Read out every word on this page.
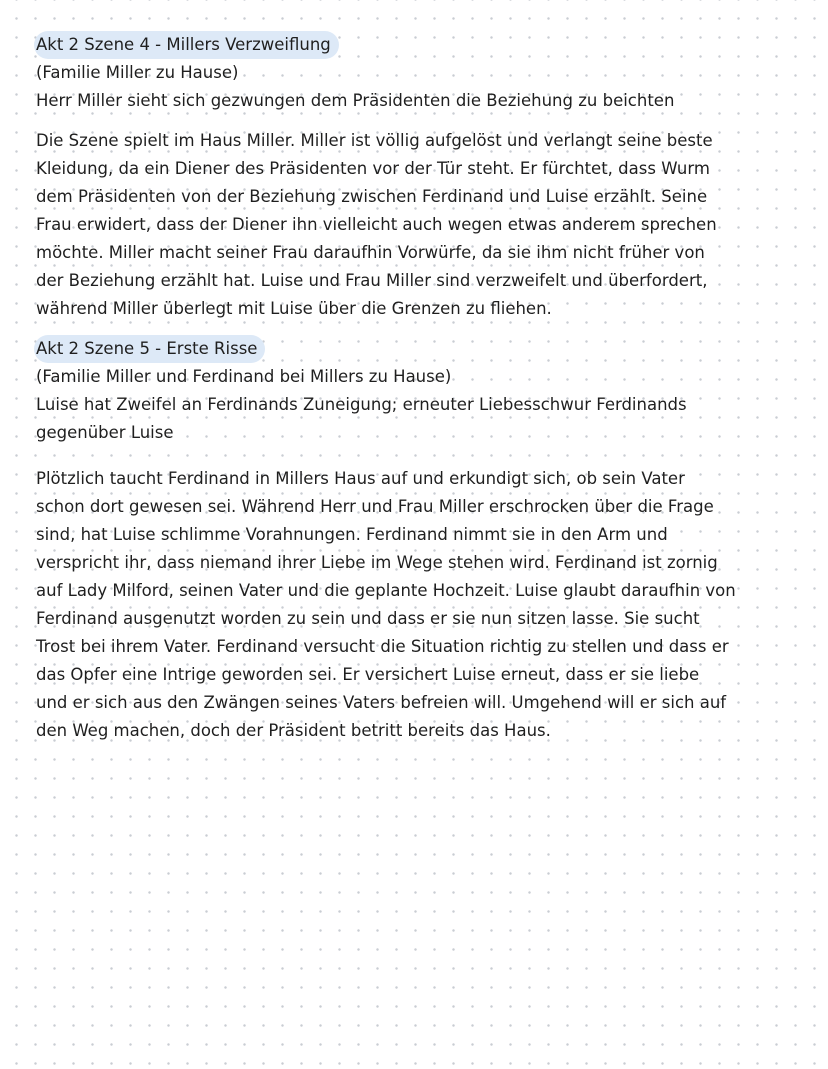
Akt 2 Szene 4 - Millers Verzweiflung
(Familie Miller zu Hause)
Herr Miller sieht sich gezwungen dem Präsidenten die Beziehung zu beichten
Die Szene spielt im Haus Miller. Miller ist völlig aufgelöst und verlangt seine beste
Kleidung, da ein Diener des Präsidenten vor der Tür steht. Er fürchtet, dass Wurm
dem Präsidenten von der Beziehung zwischen Ferdinand und Luise erzählt. Seine
Frau erwidert, dass der Diener ihn vielleicht auch wegen etwas anderem sprechen
möchte. Miller macht seiner Frau daraufhin Vorwürfe, da sie ihm nicht früher von
der Beziehung erzählt hat. Luise und Frau Miller sind verzweifelt und überfordert,
während Miller überlegt mit Luise über die Grenzen zu fliehen.
Akt 2 Szene 5 - Erste Risse
(Familie Miller und Ferdinand bei Millers zu Hause)
Luise hat Zweifel an Ferdinands Zuneigung; erneuter Liebesschwur Ferdinands
gegenüber Luise
Plötzlich taucht Ferdinand in Millers Haus auf und erkundigt sich, ob sein Vater
schon dort gewesen sei. Während Herr und Frau Miller erschrocken über die Frage
sind, hat Luise schlimme Vorahnungen. Ferdinand nimmt sie in den Arm und
verspricht ihr, dass niemand ihrer Liebe im Wege stehen wird. Ferdinand ist zornig
auf Lady Milford, seinen Vater und die geplante Hochzeit. Luise glaubt daraufhin von
Ferdinand ausgenutzt worden zu sein und dass er sie nun sitzen lasse. Sie sucht
Trost bei ihrem Vater. Ferdinand versucht die Situation richtig zu stellen und dass er
das Opfer eine Intrige geworden sei. Er versichert Luise erneut, dass er sie liebe
und er sich aus den Zwängen seines Vaters befreien will. Umgehend will er sich auf
den Weg machen, doch der Präsident betritt bereits das Haus.
